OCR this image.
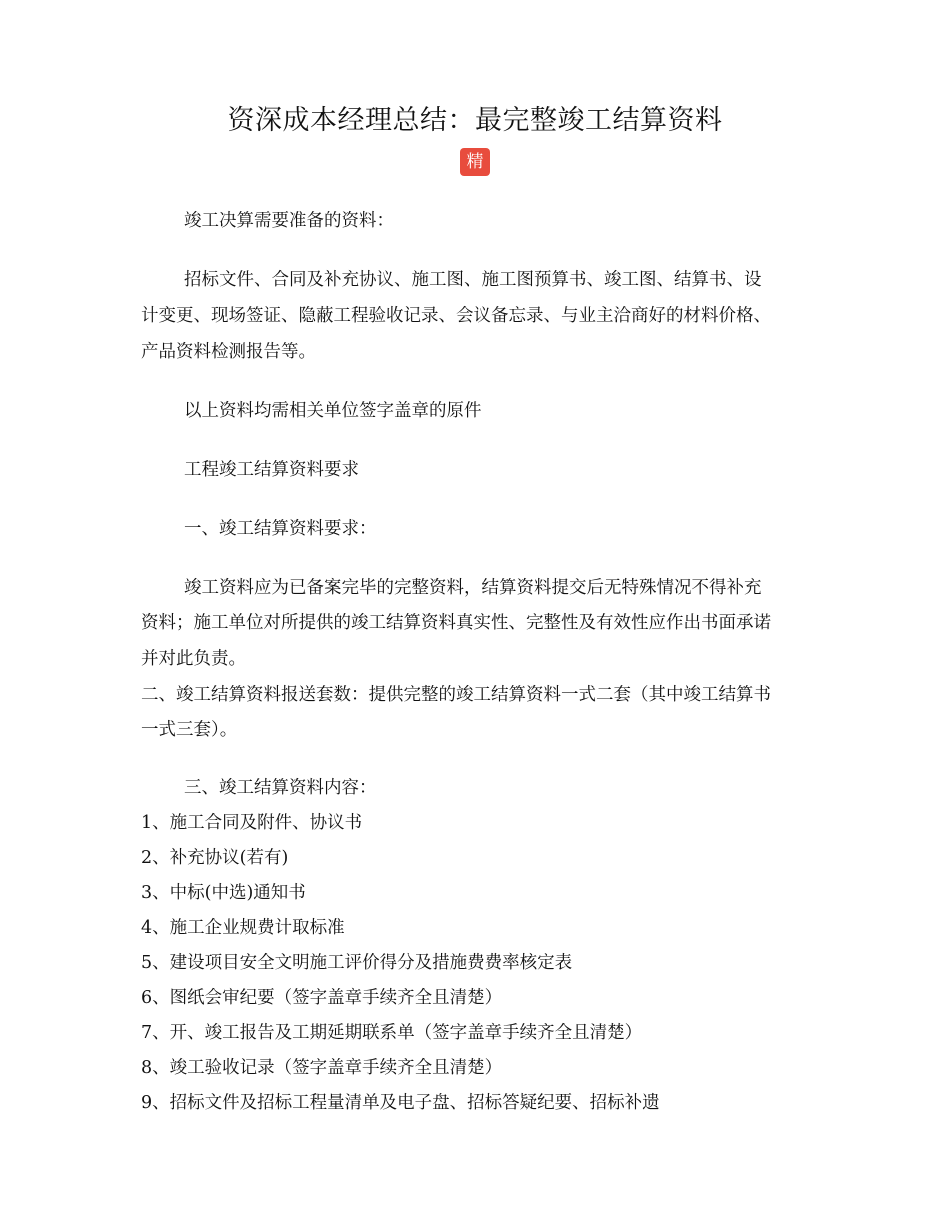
资深成本经理总结：最完整竣工结算资料
精
竣工决算需要准备的资料：
招标文件、合同及补充协议、施工图、施工图预算书、竣工图、结算书、设
计变更、现场签证、隐蔽工程验收记录、会议备忘录、与业主洽商好的材料价格、
产品资料检测报告等。
以上资料均需相关单位签字盖章的原件
工程竣工结算资料要求
一、竣工结算资料要求：
竣工资料应为已备案完毕的完整资料，结算资料提交后无特殊情况不得补充
资料；施工单位对所提供的竣工结算资料真实性、完整性及有效性应作出书面承诺
并对此负责。
二、竣工结算资料报送套数：提供完整的竣工结算资料一式二套（其中竣工结算书
一式三套）。
三、竣工结算资料内容：
1、施工合同及附件、协议书
2、补充协议(若有)
3、中标(中选)通知书
4、施工企业规费计取标准
5、建设项目安全文明施工评价得分及措施费费率核定表
6、图纸会审纪要（签字盖章手续齐全且清楚）
7、开、竣工报告及工期延期联系单（签字盖章手续齐全且清楚）
8、竣工验收记录（签字盖章手续齐全且清楚）
9、招标文件及招标工程量清单及电子盘、招标答疑纪要、招标补遗
